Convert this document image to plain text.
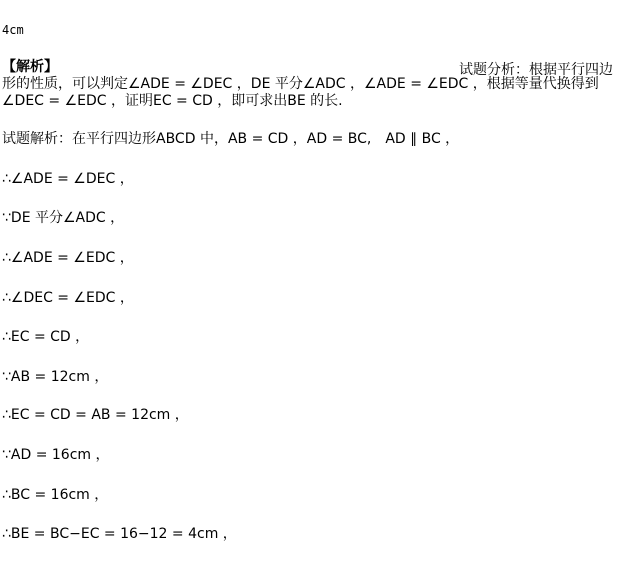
4cm
【解析】	试题分析：根据平行四边
形的性质，可以判定∠ADE = ∠DEC ，DE 平分∠ADC ，∠ADE = ∠EDC ，根据等量代换得到
∠DEC = ∠EDC ，证明EC = CD ，即可求出BE 的长.
试题解析：在平行四边形ABCD 中，AB = CD ，AD = BC,　AD ∥ BC ，
∴∠ADE = ∠DEC ，
∵DE 平分∠ADC ，
∴∠ADE = ∠EDC ，
∴∠DEC = ∠EDC ，
∴EC = CD ，
∵AB = 12cm ，
∴EC = CD = AB = 12cm ，
∵AD = 16cm ，
∴BC = 16cm ，
∴BE = BC−EC = 16−12 = 4cm ，
